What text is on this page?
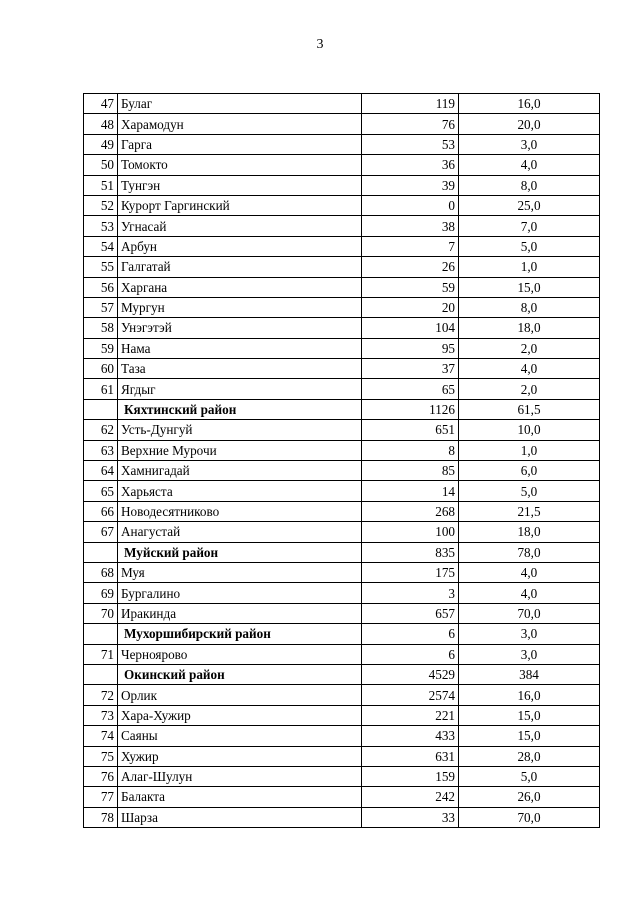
3
47	Булаг	119	16,0
48	Харамодун	76	20,0
49	Гарга	53	3,0
50	Томокто	36	4,0
51	Тунгэн	39	8,0
52	Курорт Гаргинский	0	25,0
53	Угнасай	38	7,0
54	Арбун	7	5,0
55	Галгатай	26	1,0
56	Харгана	59	15,0
57	Мургун	20	8,0
58	Унэгэтэй	104	18,0
59	Нама	95	2,0
60	Таза	37	4,0
61	Ягдыг	65	2,0
	Кяхтинский район	1126	61,5
62	Усть-Дунгуй	651	10,0
63	Верхние Мурочи	8	1,0
64	Хамнигадай	85	6,0
65	Харьяста	14	5,0
66	Новодесятниково	268	21,5
67	Анагустай	100	18,0
	Муйский район	835	78,0
68	Муя	175	4,0
69	Бургалино	3	4,0
70	Иракинда	657	70,0
	Мухоршибирский район	6	3,0
71	Черноярово	6	3,0
	Окинский район	4529	384
72	Орлик	2574	16,0
73	Хара-Хужир	221	15,0
74	Саяны	433	15,0
75	Хужир	631	28,0
76	Алаг-Шулун	159	5,0
77	Балакта	242	26,0
78	Шарза	33	70,0
